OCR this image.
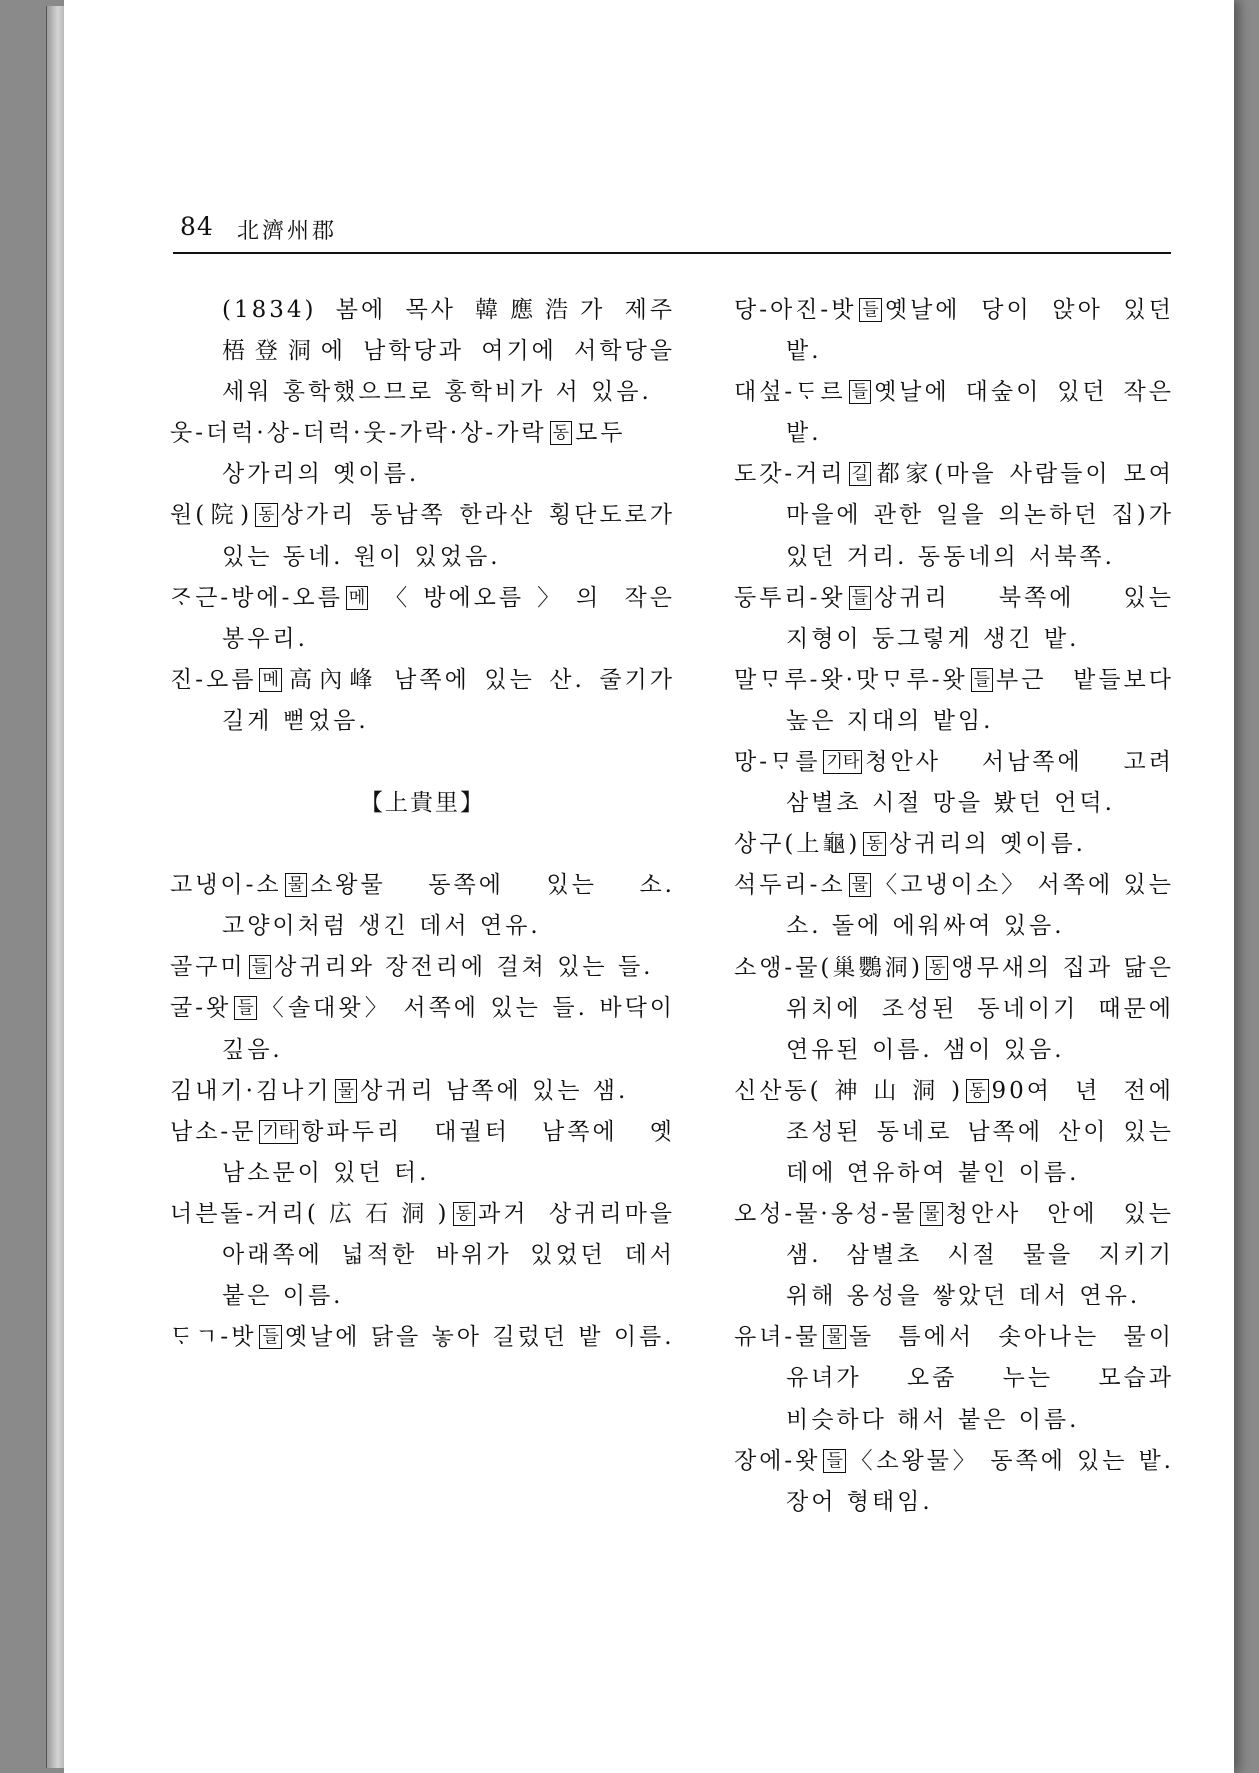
84 北濟州郡

(1834) 봄에 목사 韓應浩가 제주 梧登洞에 남학당과 여기에 서학당을 세워 홍학했으므로 홍학비가 서 있음.

웃-더럭·상-더럭·웃-가락·상-가락 동 모두 상가리의 옛이름.

원(院) 동 상가리 동남쪽 한라산 횡단도로가 있는 동네. 원이 있었음.

ᄌᆞ근-방에-오름 메 〈방에오름〉의 작은 봉우리.

진-오름 메 高內峰 남쪽에 있는 산. 줄기가 길게 뻗었음.

【上貴里】

고냉이-소 물 소왕물 동쪽에 있는 소. 고양이처럼 생긴 데서 연유.

골구미 들 상귀리와 장전리에 걸쳐 있는 들.

굴-왓 들 〈솔대왓〉 서쪽에 있는 들. 바닥이 깊음.

김내기·김나기 물 상귀리 남쪽에 있는 샘.

남소-문 기타 항파두리 대궐터 남쪽에 옛 남소문이 있던 터.

너븐돌-거리(広石洞) 동 과거 상귀리마을 아래쪽에 넓적한 바위가 있었던 데서 붙은 이름.

ᄃᆞㄱ-밧 들 옛날에 닭을 놓아 길렀던 밭 이름.

당-아진-밧 들 옛날에 당이 앉아 있던 밭.

대섶-ᄃᆞ르 들 옛날에 대숲이 있던 작은 밭.

도갓-거리 길 都家(마을 사람들이 모여 마을에 관한 일을 의논하던 집)가 있던 거리. 동동네의 서북쪽.

둥투리-왓 들 상귀리 북쪽에 있는 지형이 둥그렇게 생긴 밭.

말ᄆᆞ루-왓·맛ᄆᆞ루-왓 들 부근 밭들보다 높은 지대의 밭임.

망-ᄆᆞ를 기타 청안사 서남쪽에 고려 삼별초 시절 망을 봤던 언덕.

상구(上龜) 동 상귀리의 옛이름.

석두리-소 물 〈고냉이소〉 서쪽에 있는 소. 돌에 에워싸여 있음.

소앵-물(巢鸚洞) 동 앵무새의 집과 닮은 위치에 조성된 동네이기 때문에 연유된 이름. 샘이 있음.

신산동(神山洞) 동 90여 년 전에 조성된 동네로 남쪽에 산이 있는 데에 연유하여 붙인 이름.

오성-물·옹성-물 물 청안사 안에 있는 샘. 삼별초 시절 물을 지키기 위해 옹성을 쌓았던 데서 연유.

유녀-물 물 돌 틈에서 솟아나는 물이 유녀가 오줌 누는 모습과 비슷하다 해서 붙은 이름.

장에-왓 들 〈소왕물〉 동쪽에 있는 밭. 장어 형태임.
